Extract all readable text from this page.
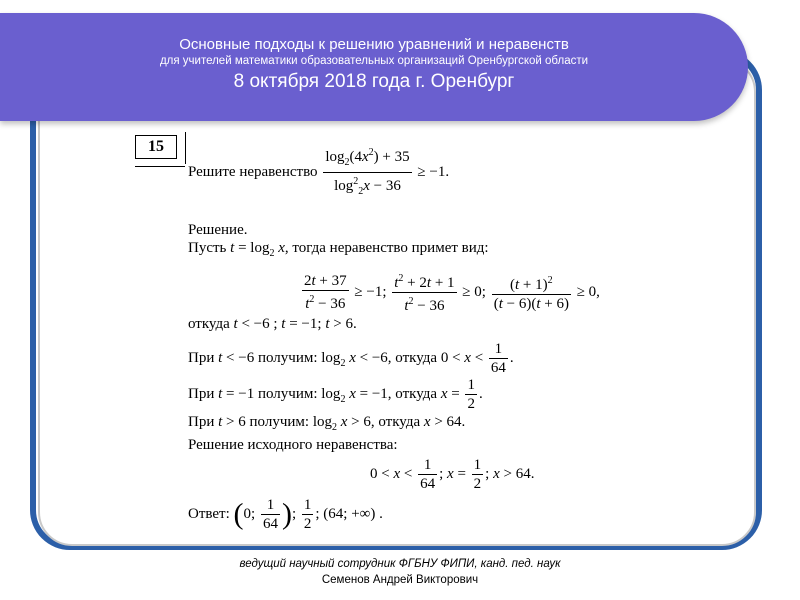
Основные подходы к решению уравнений и неравенств
для учителей математики образовательных организаций Оренбургской области
8 октября 2018 года г. Оренбург
15
Решите неравенство $\frac{\log_2(4x^2) + 35}{\log^2_2x - 36} \ge -1$.
Решение.
Пусть $t = \log_2 x$, тогда неравенство примет вид:
$\frac{2t + 37}{t^2 - 36} \ge -1$; $\frac{t^2 + 2t + 1}{t^2 - 36} \ge 0$; $\frac{(t + 1)^2}{(t - 6)(t + 6)} \ge 0$,
откуда t < −6 ; t = −1; t > 6.
При t < −6 получим: $\log_2 x < -6$, откуда $0 < x < \frac{1}{64}$ .
При t = −1 получим: $\log_2 x = -1$, откуда $x = \frac{1}{2}$ .
При t > 6 получим: $\log_2 x > 6$, откуда x > 64.
Решение исходного неравенства:
$0 < x < \frac{1}{64}$ ; $x = \frac{1}{2}$ ; x > 64.
Ответ: (0; $\frac{1}{64}$ ); $\frac{1}{2}$ ; (64; +∞) .
ведущий научный сотрудник ФГБНУ ФИПИ, канд. пед. наук
Семенов Андрей Викторович
